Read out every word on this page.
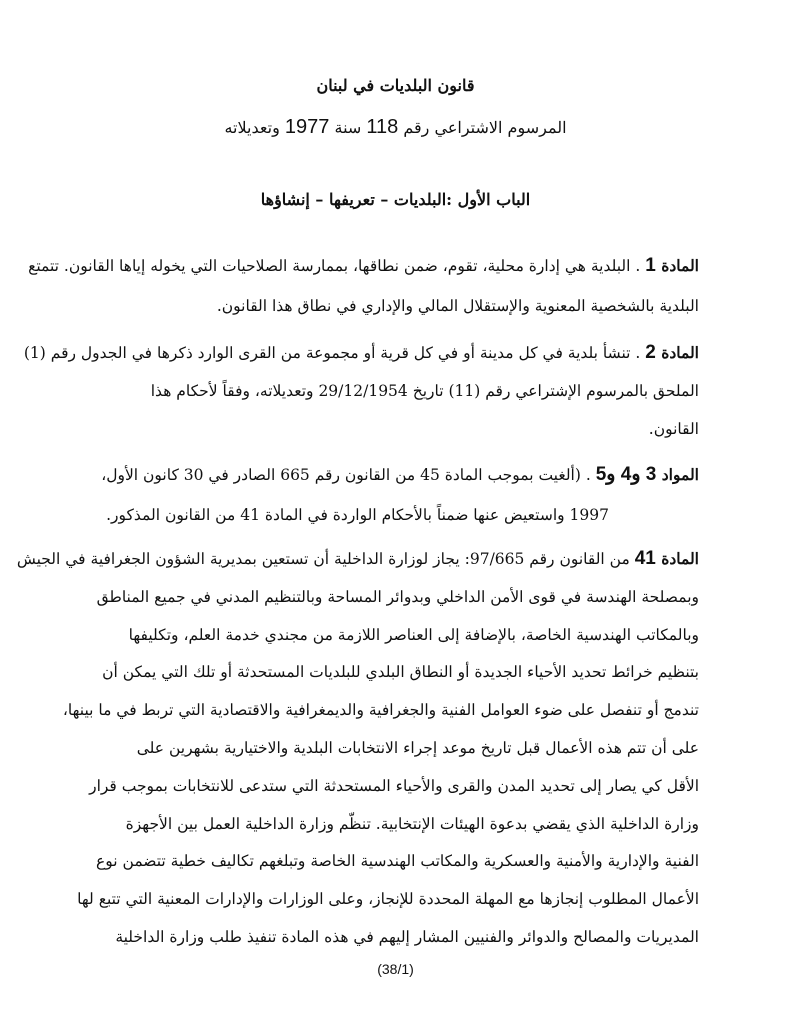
قانون البلديات في لبنان
المرسوم الاشتراعي رقم 118 سنة 1977 وتعديلاته
الباب الأول :البلديات – تعريفها – إنشاؤها
المادة 1 . البلدية هي إدارة محلية، تقوم، ضمن نطاقها، بممارسة الصلاحيات التي يخوله إياها القانون. تتمتع
البلدية بالشخصية المعنوية والإستقلال المالي والإداري في نطاق هذا القانون.
المادة 2 . تنشأ بلدية في كل مدينة أو في كل قرية أو مجموعة من القرى الوارد ذكرها في الجدول رقم (1)
الملحق بالمرسوم الإشتراعي رقم (11) تاريخ 29/12/1954 وتعديلاته، وفقاً لأحكام هذا
القانون.
المواد 3 و4 و5 . (ألغيت بموجب المادة 45 من القانون رقم 665 الصادر في 30 كانون الأول،
1997 واستعيض عنها ضمناً بالأحكام الواردة في المادة 41 من القانون المذكور.
المادة 41 من القانون رقم 97/665: يجاز لوزارة الداخلية أن تستعين بمديرية الشؤون الجغرافية في الجيش
وبمصلحة الهندسة في قوى الأمن الداخلي وبدوائر المساحة وبالتنظيم المدني في جميع المناطق
وبالمكاتب الهندسية الخاصة، بالإضافة إلى العناصر اللازمة من مجندي خدمة العلم، وتكليفها
بتنظيم خرائط تحديد الأحياء الجديدة أو النطاق البلدي للبلديات المستحدثة أو تلك التي يمكن أن
تندمج أو تنفصل على ضوء العوامل الفنية والجغرافية والديمغرافية والاقتصادية التي تربط في ما بينها،
على أن تتم هذه الأعمال قبل تاريخ موعد إجراء الانتخابات البلدية والاختيارية بشهرين على
الأقل كي يصار إلى تحديد المدن والقرى والأحياء المستحدثة التي ستدعى للانتخابات بموجب قرار
وزارة الداخلية الذي يقضي بدعوة الهيئات الإنتخابية. تنظّم وزارة الداخلية العمل بين الأجهزة
الفنية والإدارية والأمنية والعسكرية والمكاتب الهندسية الخاصة وتبلغهم تكاليف خطية تتضمن نوع
الأعمال المطلوب إنجازها مع المهلة المحددة للإنجاز، وعلى الوزارات والإدارات المعنية التي تتبع لها
المديريات والمصالح والدوائر والفنيين المشار إليهم في هذه المادة تنفيذ طلب وزارة الداخلية
(38/1)
